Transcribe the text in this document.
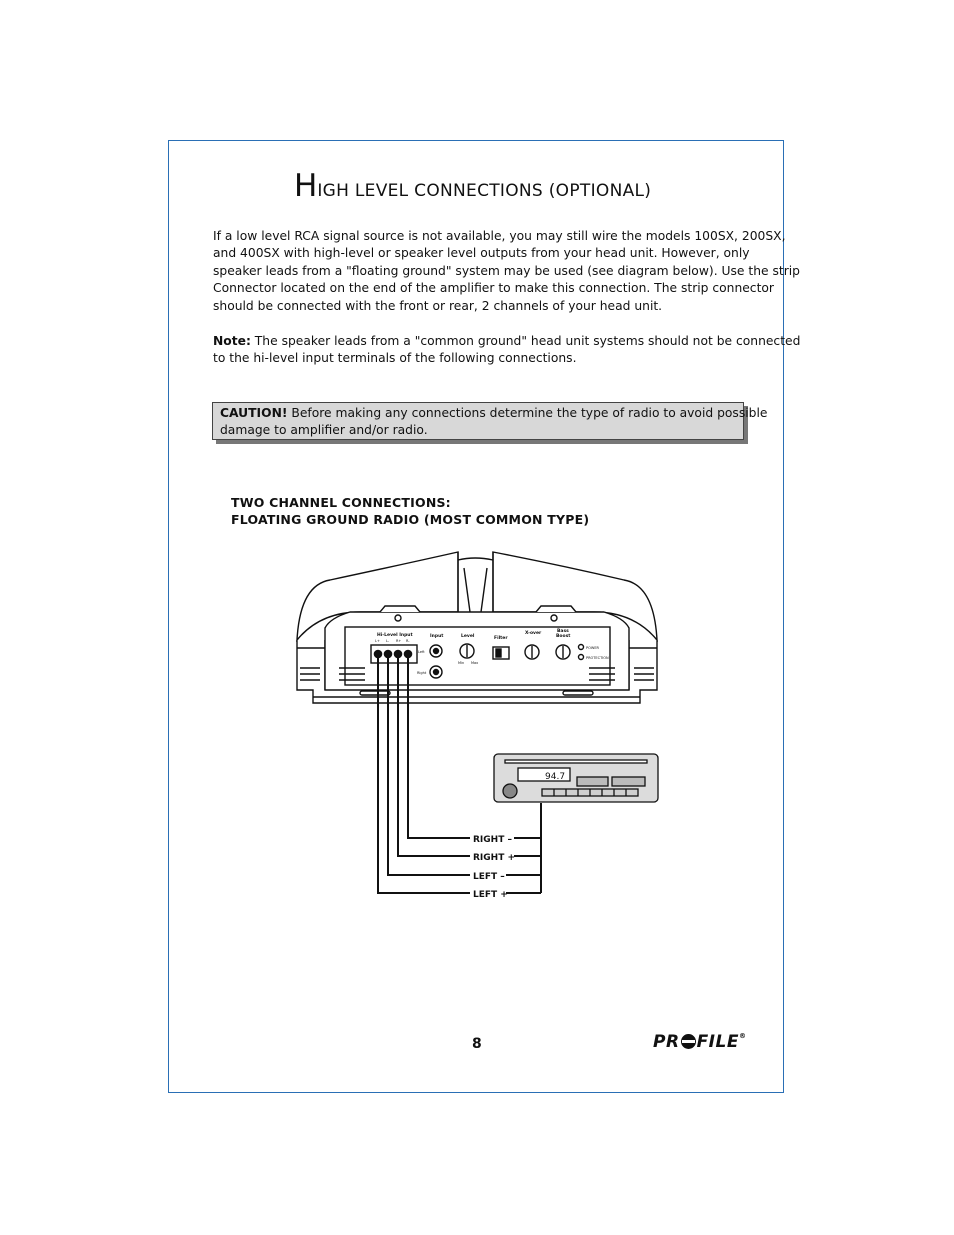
HIGH LEVEL CONNECTIONS (OPTIONAL)
If a low level RCA signal source is not available, you may still wire the models 100SX, 200SX,
and 400SX with high-level or speaker level outputs from your head unit. However, only
speaker leads from a "floating ground" system may be used (see diagram below). Use the strip
Connector located on the end of the amplifier to make this connection. The strip connector
should be connected with the front or rear, 2 channels of your head unit.
Note: The speaker leads from a "common ground" head unit systems should not be connected
to the hi-level input terminals of the following connections.
CAUTION! Before making any connections determine the type of radio to avoid possible
damage to amplifier and/or radio.
TWO CHANNEL CONNECTIONS:
FLOATING GROUND RADIO (MOST COMMON TYPE)
Hi-Level Input
L+ L- R+ R-
Input
Left
Right
Level
Min Max
Filter
X-over	Bass
Boost
POWER
PROTECTION
RIGHT –
RIGHT +
LEFT –
LEFT +
94.7
8	PR FILE®
